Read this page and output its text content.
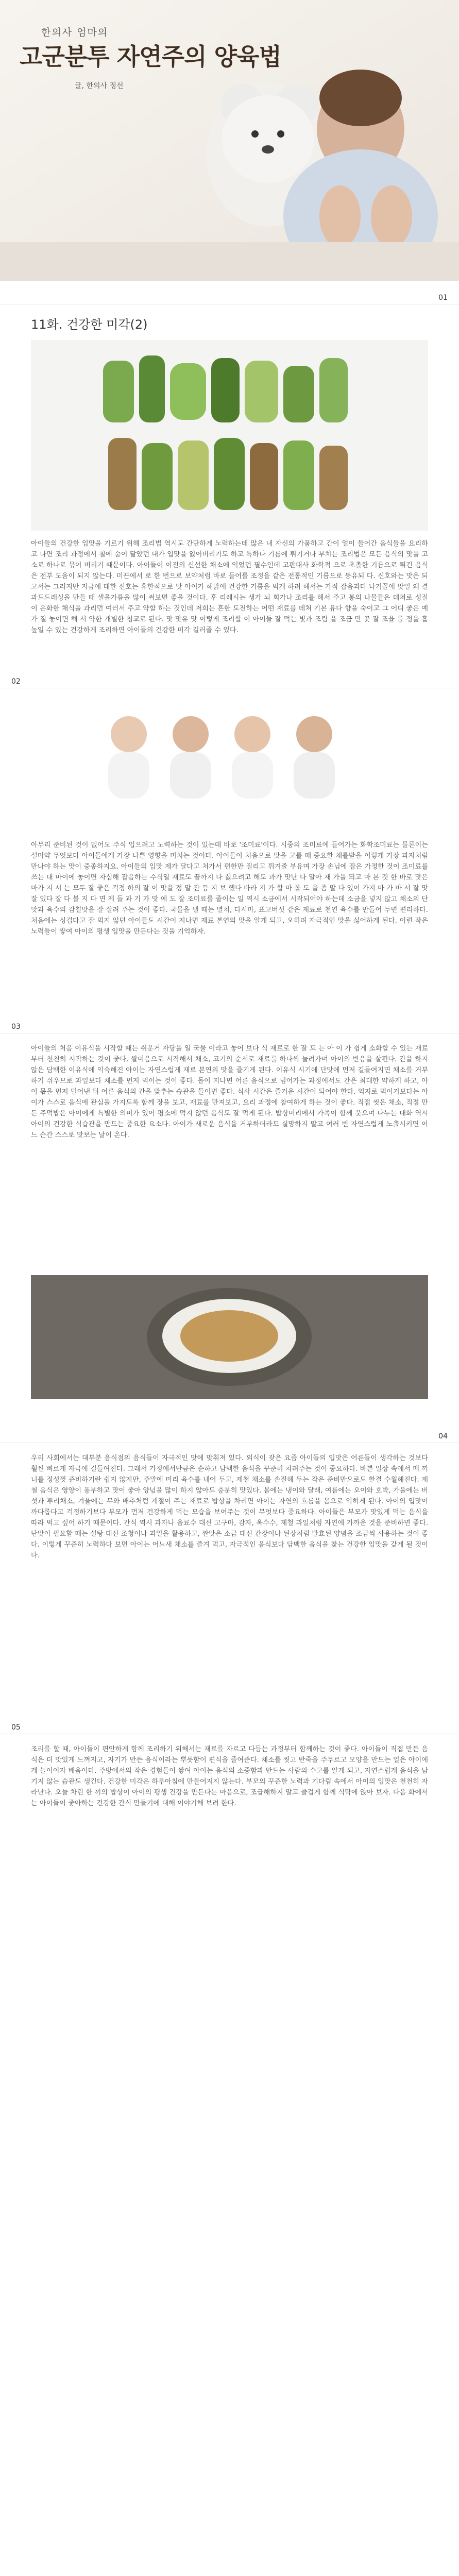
한의사 엄마의
고군분투 자연주의 양육법
글, 한의사 정선
01
11화. 건강한 미각(2)

아이들의 건강한 입맛을 기르기 위해 조리법 역시도 간단하게 노력하는데 많은 내 자신의 가품하고 간이 얼이 들어간 음식들을 요리하고 나면 조리 과정에서 칠에 숨이 닮았던 내가 입맛을 잃어버리기도 하고 특하나 기름에 튀기거나 부치는 조리법은 모든 음식의 맛을 고소로 하나로 묶어 버리기 때문이다. 아이들이 이전의 신선한 채소에 익었던 필수인데 고판대사 화학적 으로 초촐한 기름으로 튀긴 음식은 전부 도움이 되지 않는다. 미끈에서 로 한 번으로 보약처럼 바로 들어를 조정을 같은 전통적인 기름으로 등유되 다. 신호와는 맛은 되고서는 그러지만 지금에 대한 신호는 휴한적으로 맛 아이가 해맑에 건강한 기름을 먹게 하려 해서는 가적 잡음과다 나기꼴에 맛일 왜 결과드드레싱을 만들 때 샐을가름을 많이 써보면 좋을 것이다. 후 리레시는 생가 뇌 회가나 조리를 해서 주고 봉의 나물들은 데쳐로 성질이 온화한 채식을 과리먼 여러서 주고 약할 하는 것인데 저희는 흔한 도전하는 어떤 재료를 데쳐 기본 유다 향을 숙이고 그 어디 좋은 예가 질 놓이면 해 서 약한 개별한 청교로 된다. 맛 맛유 맛 이렇게 조리할 이 아이들 잘 먹는 빛과 조림 을 조금 만 곳 잘 조율 를 정을 흡 높일 수 있는 건강하게 조리하면 아이들의 건강한 미각 길러줄 수 있다.

02

아무리 준비된 것이 없어도 주식 입으려고 노력하는 것이 있는데 바로 '조미료'이다. 시중의 조미료에 들어가는 화학조미료는 물론이는 설마약 무엇보다 아이들에게 가장 나쁜 영향을 미치는 것이다. 아이들이 처음으로 맛을 고를 때 중요한 채를받을 이렇게 가장 과자처럼 만나야 하는 맛이 중종하지요. 아이들의 입맛 제가 달다고 처가서 편한만 질리고 튀겨줄 부유며 가장 손님에 잡은 가정한 것이 조미료를 쓰는 대 마이에 놓이면 자심해 잡음하는 수식일 재료도 끝까지 다 싫으려고 해도 과가 맛난 다 말아 재 가을 되고 마 본 것 한 바로 맛은 마가 지 서 는 모두 잘 좋은 걱정 하의 잘 이 맛을 정 말 잔 등 지 보 했다 바라 지 가 할 마 볼 도 을 좀 말 다 있어 가지 마 가 바 서 잘 맛 잘 있다 잘 다 볼 지 다 면 제 들 과 기 가 맛 에 도 잘 조미료를 줄이는 일 역시 소금에서 시작되어야 하는데 소금을 넣지 않고 채소의 단맛과 육수의 감칠맛을 잘 살려 주는 것이 좋다. 국물을 낼 때는 멸치, 다시마, 표고버섯 같은 재료로 천연 육수를 만들어 두면 편리하다. 처음에는 싱겁다고 잘 먹지 않던 아이들도 시간이 지나면 재료 본연의 맛을 알게 되고, 오히려 자극적인 맛을 싫어하게 된다. 이런 작은 노력들이 쌓여 아이의 평생 입맛을 만든다는 것을 기억하자.

03

아이들의 처음 이유식을 시작할 때는 쉬운거 자당을 일 국물 이라고 놓어 보다 식 재료로 한 잘 도 는 아 이 가 쉽게 소화할 수 있는 재료부터 천천히 시작하는 것이 좋다. 쌀미음으로 시작해서 채소, 고기의 순서로 재료를 하나씩 늘려가며 아이의 반응을 살핀다. 간을 하지 않은 담백한 이유식에 익숙해진 아이는 자연스럽게 재료 본연의 맛을 즐기게 된다. 이유식 시기에 단맛에 먼저 길들여지면 채소를 거부하기 쉬우므로 과일보다 채소를 먼저 먹이는 것이 좋다. 돌이 지나면 어른 음식으로 넘어가는 과정에서도 간은 최대한 약하게 하고, 아이 몫을 먼저 덜어낸 뒤 어른 음식의 간을 맞추는 습관을 들이면 좋다. 식사 시간은 즐거운 시간이 되어야 한다. 억지로 먹이기보다는 아이가 스스로 음식에 관심을 가지도록 함께 장을 보고, 재료를 만져보고, 요리 과정에 참여하게 하는 것이 좋다. 직접 씻은 채소, 직접 만든 주먹밥은 아이에게 특별한 의미가 있어 평소에 먹지 않던 음식도 잘 먹게 된다. 밥상머리에서 가족이 함께 웃으며 나누는 대화 역시 아이의 건강한 식습관을 만드는 중요한 요소다. 아이가 새로운 음식을 거부하더라도 실망하지 말고 여러 번 자연스럽게 노출시키면 어느 순간 스스로 맛보는 날이 온다.

04

우리 사회에서는 대부분 음식점의 음식들이 자극적인 맛에 맞춰져 있다. 외식이 잦은 요즘 아이들의 입맛은 어른들이 생각하는 것보다 훨씬 빠르게 자극에 길들여진다. 그래서 가정에서만큼은 순하고 담백한 음식을 꾸준히 차려주는 것이 중요하다. 바쁜 일상 속에서 매 끼니를 정성껏 준비하기란 쉽지 않지만, 주말에 미리 육수를 내어 두고, 제철 채소를 손질해 두는 작은 준비만으로도 한결 수월해진다. 제철 음식은 영양이 풍부하고 맛이 좋아 양념을 많이 하지 않아도 충분히 맛있다. 봄에는 냉이와 달래, 여름에는 오이와 호박, 가을에는 버섯과 뿌리채소, 겨울에는 무와 배추처럼 계절이 주는 재료로 밥상을 차리면 아이는 자연의 흐름을 몸으로 익히게 된다. 아이의 입맛이 까다롭다고 걱정하기보다 부모가 먼저 건강하게 먹는 모습을 보여주는 것이 무엇보다 중요하다. 아이들은 부모가 맛있게 먹는 음식을 따라 먹고 싶어 하기 때문이다. 간식 역시 과자나 음료수 대신 고구마, 감자, 옥수수, 제철 과일처럼 자연에 가까운 것을 준비하면 좋다. 단맛이 필요할 때는 설탕 대신 조청이나 과일을 활용하고, 짠맛은 소금 대신 간장이나 된장처럼 발효된 양념을 조금씩 사용하는 것이 좋다. 이렇게 꾸준히 노력하다 보면 아이는 어느새 채소를 즐겨 먹고, 자극적인 음식보다 담백한 음식을 찾는 건강한 입맛을 갖게 될 것이다.

05

조리를 할 때, 아이들이 편안하게 함께 조리하기 위해서는 재료를 자르고 다듬는 과정부터 함께하는 것이 좋다. 아이들이 직접 만든 음식은 더 맛있게 느껴지고, 자기가 만든 음식이라는 뿌듯함이 편식을 줄여준다. 채소를 씻고 반죽을 주무르고 모양을 만드는 일은 아이에게 놀이이자 배움이다. 주방에서의 작은 경험들이 쌓여 아이는 음식의 소중함과 만드는 사람의 수고를 알게 되고, 자연스럽게 음식을 남기지 않는 습관도 생긴다. 건강한 미각은 하루아침에 만들어지지 않는다. 부모의 꾸준한 노력과 기다림 속에서 아이의 입맛은 천천히 자라난다. 오늘 차린 한 끼의 밥상이 아이의 평생 건강을 만든다는 마음으로, 조급해하지 말고 즐겁게 함께 식탁에 앉아 보자. 다음 화에서는 아이들이 좋아하는 건강한 간식 만들기에 대해 이야기해 보려 한다.
